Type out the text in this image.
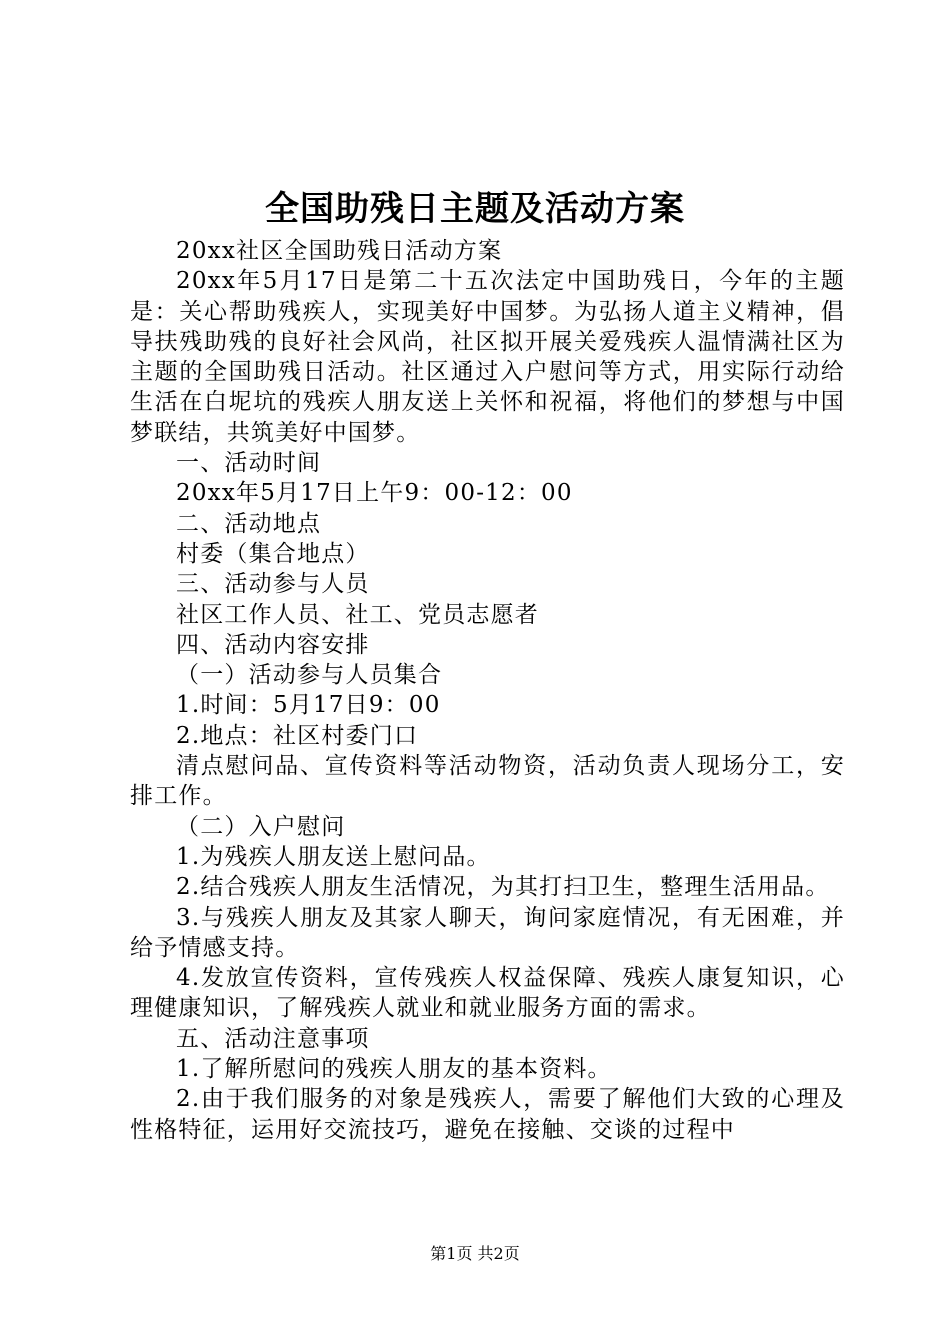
全国助残日主题及活动方案

20xx社区全国助残日活动方案

20xx年5月17日是第二十五次法定中国助残日，今年的主题是：关心帮助残疾人，实现美好中国梦。为弘扬人道主义精神，倡导扶残助残的良好社会风尚，社区拟开展关爱残疾人温情满社区为主题的全国助残日活动。社区通过入户慰问等方式，用实际行动给生活在白坭坑的残疾人朋友送上关怀和祝福，将他们的梦想与中国梦联结，共筑美好中国梦。

一、活动时间

20xx年5月17日上午9：00-12：00

二、活动地点

村委（集合地点）

三、活动参与人员

社区工作人员、社工、党员志愿者

四、活动内容安排

（一）活动参与人员集合

1.时间：5月17日9：00

2.地点：社区村委门口

清点慰问品、宣传资料等活动物资，活动负责人现场分工，安排工作。

（二）入户慰问

1.为残疾人朋友送上慰问品。

2.结合残疾人朋友生活情况，为其打扫卫生，整理生活用品。

3.与残疾人朋友及其家人聊天，询问家庭情况，有无困难，并给予情感支持。

4.发放宣传资料，宣传残疾人权益保障、残疾人康复知识，心理健康知识，了解残疾人就业和就业服务方面的需求。

五、活动注意事项

1.了解所慰问的残疾人朋友的基本资料。

2.由于我们服务的对象是残疾人，需要了解他们大致的心理及性格特征，运用好交流技巧，避免在接触、交谈的过程中

第1页 共2页
